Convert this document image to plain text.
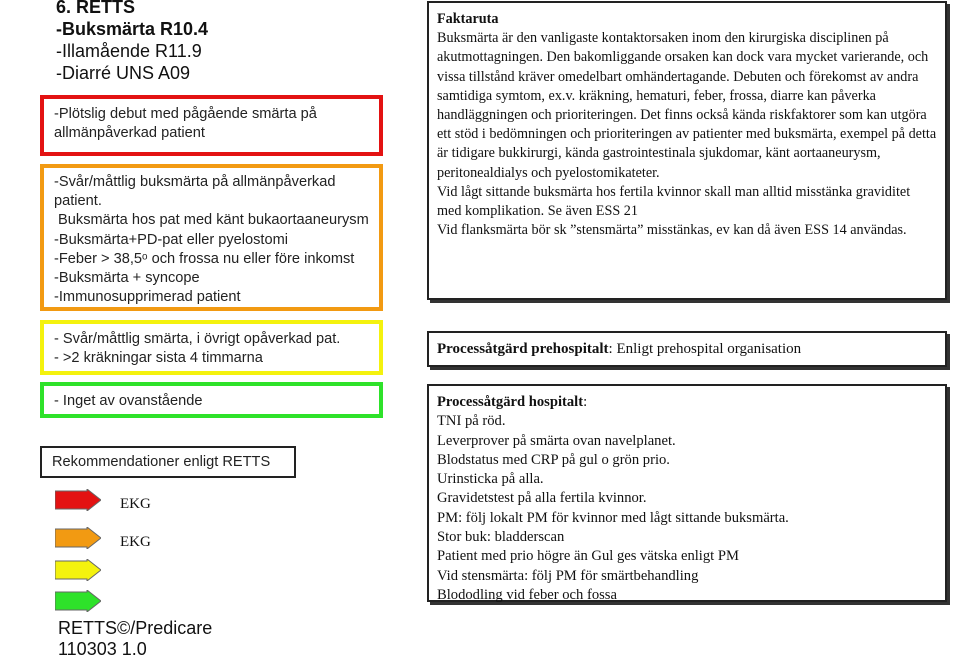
6. RETTS
-Buksmärta R10.4
-Illamående R11.9
-Diarré UNS A09
-Plötslig debut med pågående smärta på
allmänpåverkad patient
-Svår/måttlig buksmärta på allmänpåverkad
patient.
Buksmärta hos pat med känt bukaortaaneurysm
-Buksmärta+PD-pat eller pyelostomi
-Feber > 38,5ᵒ och frossa nu eller före inkomst
-Buksmärta + syncope
-Immunosupprimerad patient
- Svår/måttlig smärta, i övrigt opåverkad pat.
- >2 kräkningar sista 4 timmarna
- Inget av ovanstående
Rekommendationer enligt RETTS
EKG
EKG
RETTS©/Predicare
110303 1.0
Faktaruta
Buksmärta är den vanligaste kontaktorsaken inom den kirurgiska disciplinen på akutmottagningen. Den bakomliggande orsaken kan dock vara mycket varierande, och vissa tillstånd kräver omedelbart omhändertagande. Debuten och förekomst av andra samtidiga symtom, ex.v. kräkning, hematuri, feber, frossa, diarre kan påverka handläggningen och prioriteringen. Det finns också kända riskfaktorer som kan utgöra ett stöd i bedömningen och prioriteringen av patienter med buksmärta, exempel på detta är tidigare bukkirurgi, kända gastrointestinala sjukdomar, känt aortaaneurysm, peritonealdialys och pyelostomikateter.
Vid lågt sittande buksmärta hos fertila kvinnor skall man alltid misstänka graviditet med komplikation. Se även ESS 21
Vid flanksmärta bör sk ”stensmärta” misstänkas, ev kan då även ESS 14 användas.
Processåtgärd prehospitalt: Enligt prehospital organisation
Processåtgärd hospitalt:
TNI på röd.
Leverprover på smärta ovan navelplanet.
Blodstatus med CRP på gul o grön prio.
Urinsticka på alla.
Gravidetstest på alla fertila kvinnor.
PM: följ lokalt PM för kvinnor med lågt sittande buksmärta.
Stor buk: bladderscan
Patient med prio högre än Gul ges vätska enligt PM
Vid stensmärta: följ PM för smärtbehandling
Blododling vid feber och fossa
